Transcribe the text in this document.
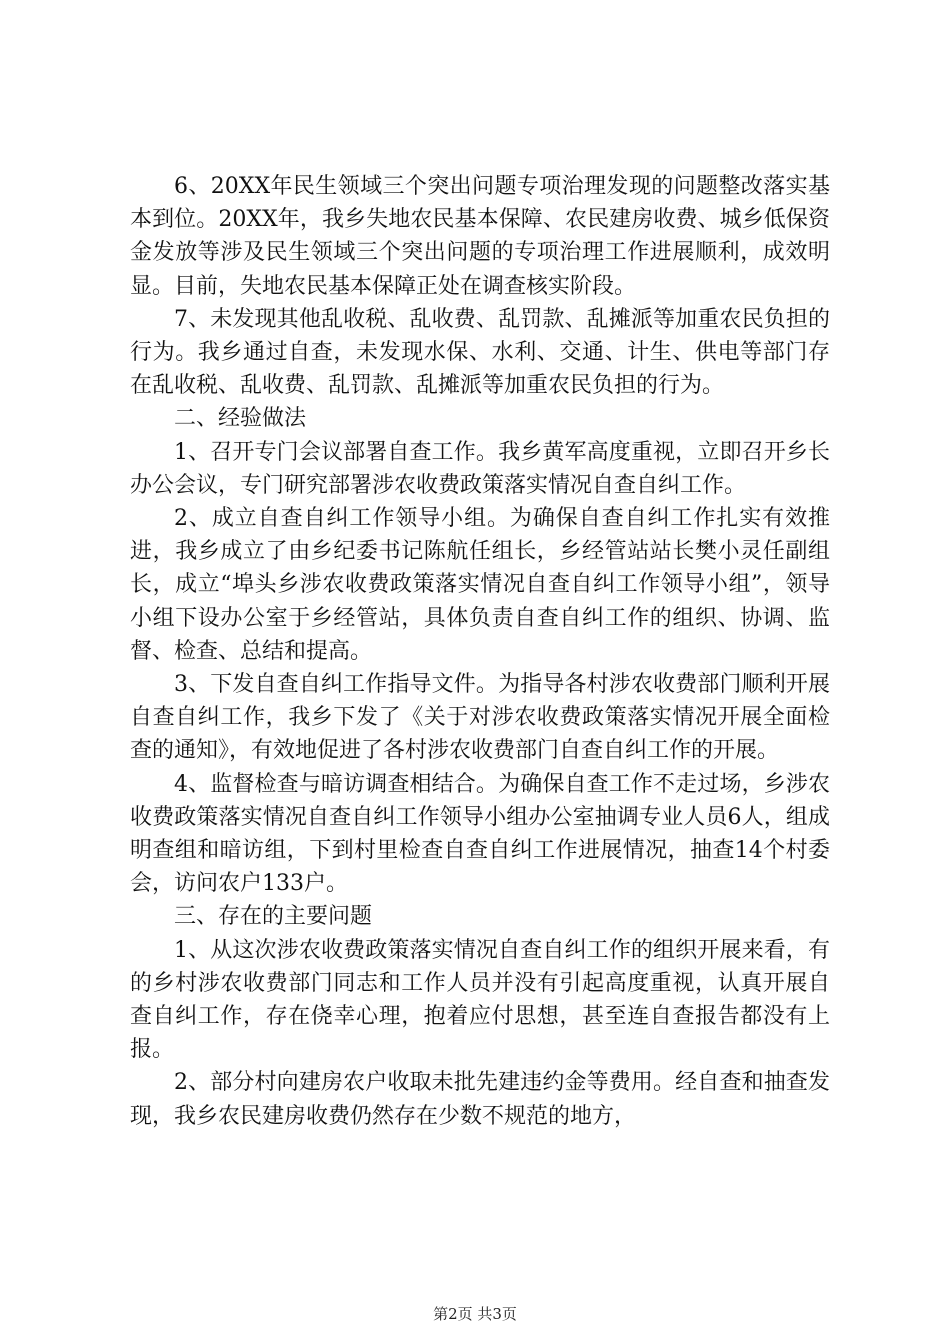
6、20XX年民生领域三个突出问题专项治理发现的问题整改落实基本到位。20XX年，我乡失地农民基本保障、农民建房收费、城乡低保资金发放等涉及民生领域三个突出问题的专项治理工作进展顺利，成效明显。目前，失地农民基本保障正处在调查核实阶段。

7、未发现其他乱收税、乱收费、乱罚款、乱摊派等加重农民负担的行为。我乡通过自查，未发现水保、水利、交通、计生、供电等部门存在乱收税、乱收费、乱罚款、乱摊派等加重农民负担的行为。

二、经验做法

1、召开专门会议部署自查工作。我乡黄军高度重视，立即召开乡长办公会议，专门研究部署涉农收费政策落实情况自查自纠工作。

2、成立自查自纠工作领导小组。为确保自查自纠工作扎实有效推进，我乡成立了由乡纪委书记陈航任组长，乡经管站站长樊小灵任副组长，成立“埠头乡涉农收费政策落实情况自查自纠工作领导小组”，领导小组下设办公室于乡经管站，具体负责自查自纠工作的组织、协调、监督、检查、总结和提高。

3、下发自查自纠工作指导文件。为指导各村涉农收费部门顺利开展自查自纠工作，我乡下发了《关于对涉农收费政策落实情况开展全面检查的通知》，有效地促进了各村涉农收费部门自查自纠工作的开展。

4、监督检查与暗访调查相结合。为确保自查工作不走过场，乡涉农收费政策落实情况自查自纠工作领导小组办公室抽调专业人员6人，组成明查组和暗访组，下到村里检查自查自纠工作进展情况，抽查14个村委会，访问农户133户。

三、存在的主要问题

1、从这次涉农收费政策落实情况自查自纠工作的组织开展来看，有的乡村涉农收费部门同志和工作人员并没有引起高度重视，认真开展自查自纠工作，存在侥幸心理，抱着应付思想，甚至连自查报告都没有上报。

2、部分村向建房农户收取未批先建违约金等费用。经自查和抽查发现，我乡农民建房收费仍然存在少数不规范的地方，

第2页 共3页
